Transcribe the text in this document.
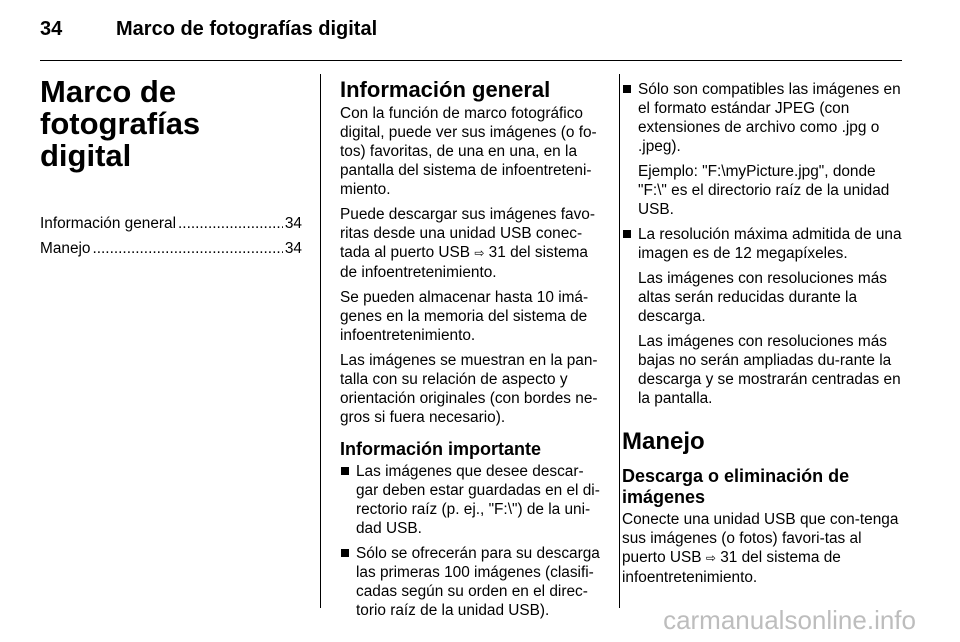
34	Marco de fotografías digital
Marco de fotografías
digital
Información general .....	34
Manejo .....	34
Información general

Con la función de marco fotográfico digital, puede ver sus imágenes (o fo-tos) favoritas, de una en una, en la pantalla del sistema de infoentreteni-miento.

Puede descargar sus imágenes favo-ritas desde una unidad USB conec-tada al puerto USB ⇨ 31 del sistema de infoentretenimiento.

Se pueden almacenar hasta 10 imá-genes en la memoria del sistema de infoentretenimiento.

Las imágenes se muestran en la pan-talla con su relación de aspecto y orientación originales (con bordes ne-gros si fuera necesario).

Información importante
Las imágenes que desee descar-gar deben estar guardadas en el di-rectorio raíz (p. ej., "F:\") de la uni-dad USB.
Sólo se ofrecerán para su descarga las primeras 100 imágenes (clasifi-cadas según su orden en el direc-torio raíz de la unidad USB).
Sólo son compatibles las imágenes en el formato estándar JPEG (con extensiones de archivo como .jpg o .jpeg).
Ejemplo: "F:\myPicture.jpg", donde "F:\" es el directorio raíz de la unidad USB.
La resolución máxima admitida de una imagen es de 12 megapíxeles.
Las imágenes con resoluciones más altas serán reducidas durante la descarga.
Las imágenes con resoluciones más bajas no serán ampliadas du-rante la descarga y se mostrarán centradas en la pantalla.
Manejo
Descarga o eliminación de imágenes

Conecte una unidad USB que con-tenga sus imágenes (o fotos) favori-tas al puerto USB ⇨ 31 del sistema de infoentretenimiento.

carmanualsonline.info
